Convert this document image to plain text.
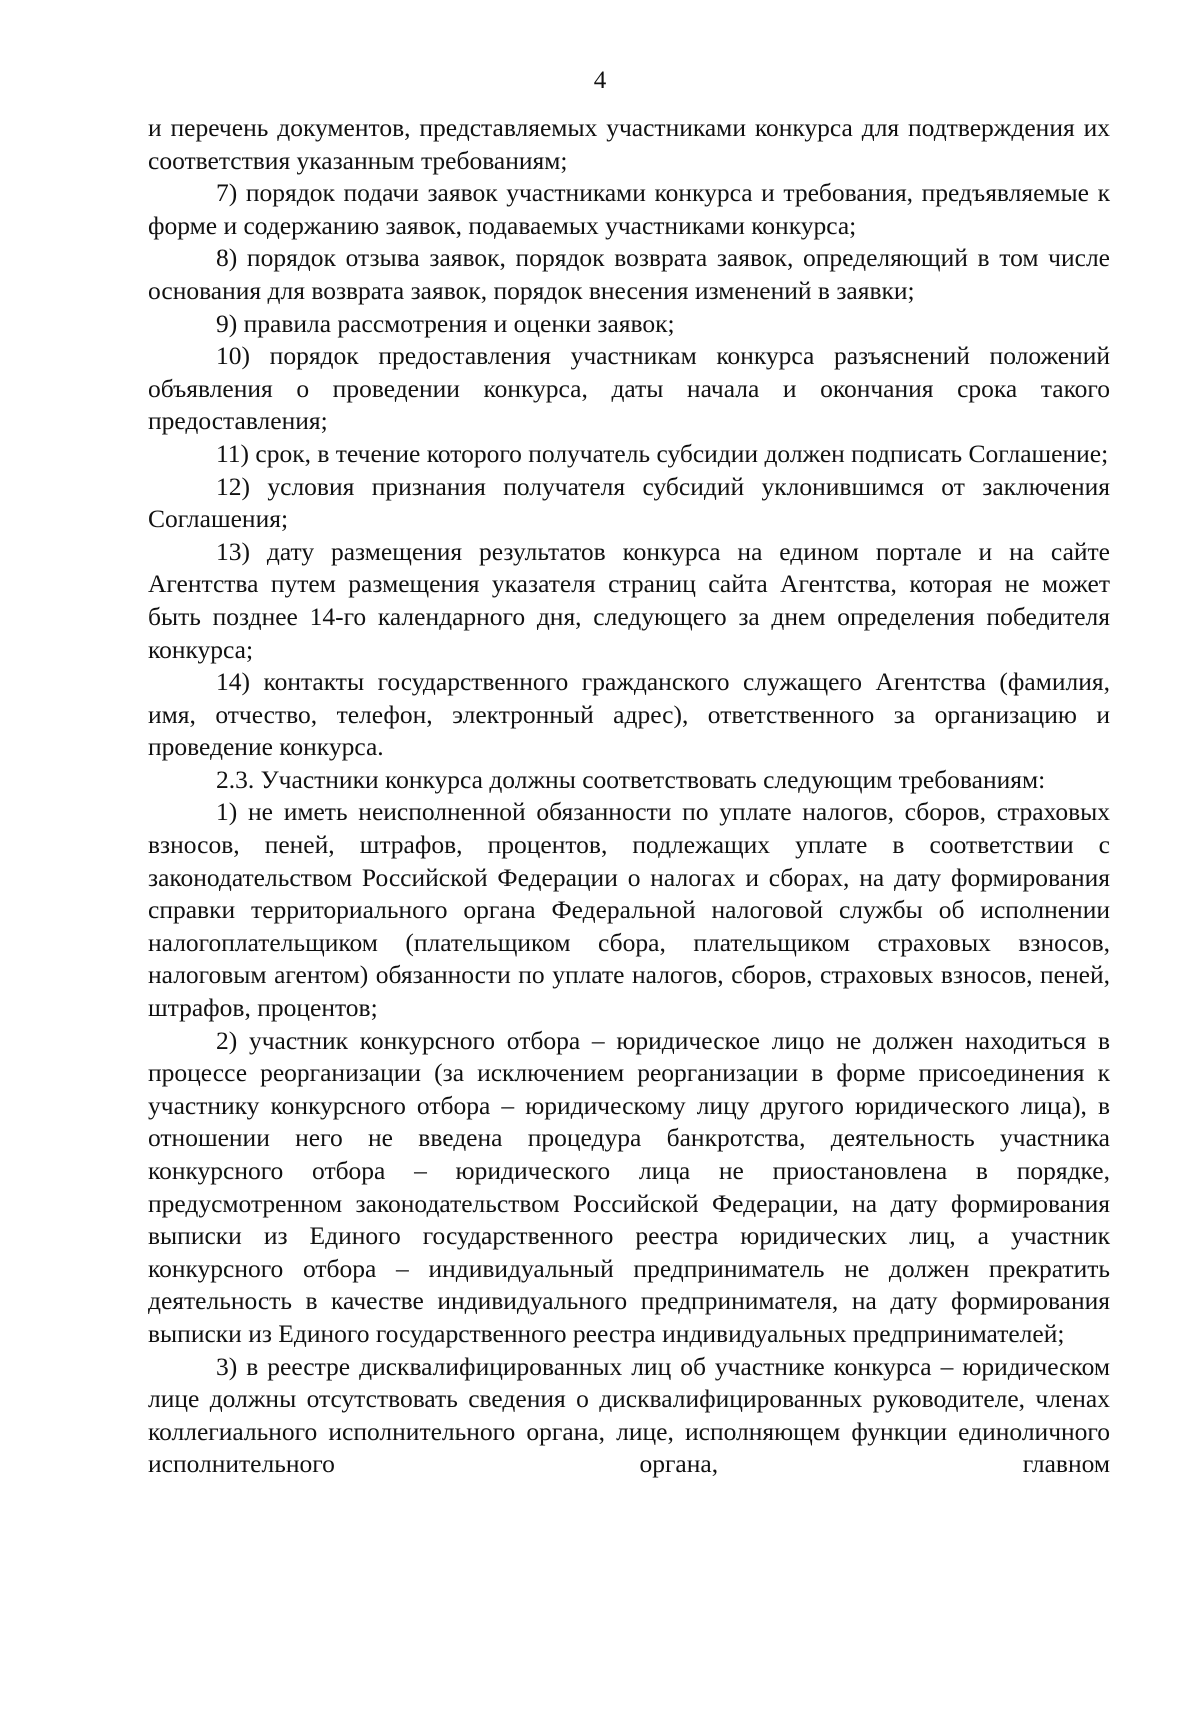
4

и перечень документов, представляемых участниками конкурса для подтверждения их соответствия указанным требованиям;

7) порядок подачи заявок участниками конкурса и требования, предъявляемые к форме и содержанию заявок, подаваемых участниками конкурса;

8) порядок отзыва заявок, порядок возврата заявок, определяющий в том числе основания для возврата заявок, порядок внесения изменений в заявки;

9) правила рассмотрения и оценки заявок;

10) порядок предоставления участникам конкурса разъяснений положений объявления о проведении конкурса, даты начала и окончания срока такого предоставления;

11) срок, в течение которого получатель субсидии должен подписать Соглашение;

12) условия признания получателя субсидий уклонившимся от заключения Соглашения;

13) дату размещения результатов конкурса на едином портале и на сайте Агентства путем размещения указателя страниц сайта Агентства, которая не может быть позднее 14-го календарного дня, следующего за днем определения победителя конкурса;

14) контакты государственного гражданского служащего Агентства (фамилия, имя, отчество, телефон, электронный адрес), ответственного за организацию и проведение конкурса.

2.3. Участники конкурса должны соответствовать следующим требованиям:

1) не иметь неисполненной обязанности по уплате налогов, сборов, страховых взносов, пеней, штрафов, процентов, подлежащих уплате в соответствии с законодательством Российской Федерации о налогах и сборах, на дату формирования справки территориального органа Федеральной налоговой службы об исполнении налогоплательщиком (плательщиком сбора, плательщиком страховых взносов, налоговым агентом) обязанности по уплате налогов, сборов, страховых взносов, пеней, штрафов, процентов;

2) участник конкурсного отбора – юридическое лицо не должен находиться в процессе реорганизации (за исключением реорганизации в форме присоединения к участнику конкурсного отбора – юридическому лицу другого юридического лица), в отношении него не введена процедура банкротства, деятельность участника конкурсного отбора – юридического лица не приостановлена в порядке, предусмотренном законодательством Российской Федерации, на дату формирования выписки из Единого государственного реестра юридических лиц, а участник конкурсного отбора – индивидуальный предприниматель не должен прекратить деятельность в качестве индивидуального предпринимателя, на дату формирования выписки из Единого государственного реестра индивидуальных предпринимателей;

3) в реестре дисквалифицированных лиц об участнике конкурса – юридическом лице должны отсутствовать сведения о дисквалифицированных руководителе, членах коллегиального исполнительного органа, лице, исполняющем функции единоличного исполнительного органа, главном
